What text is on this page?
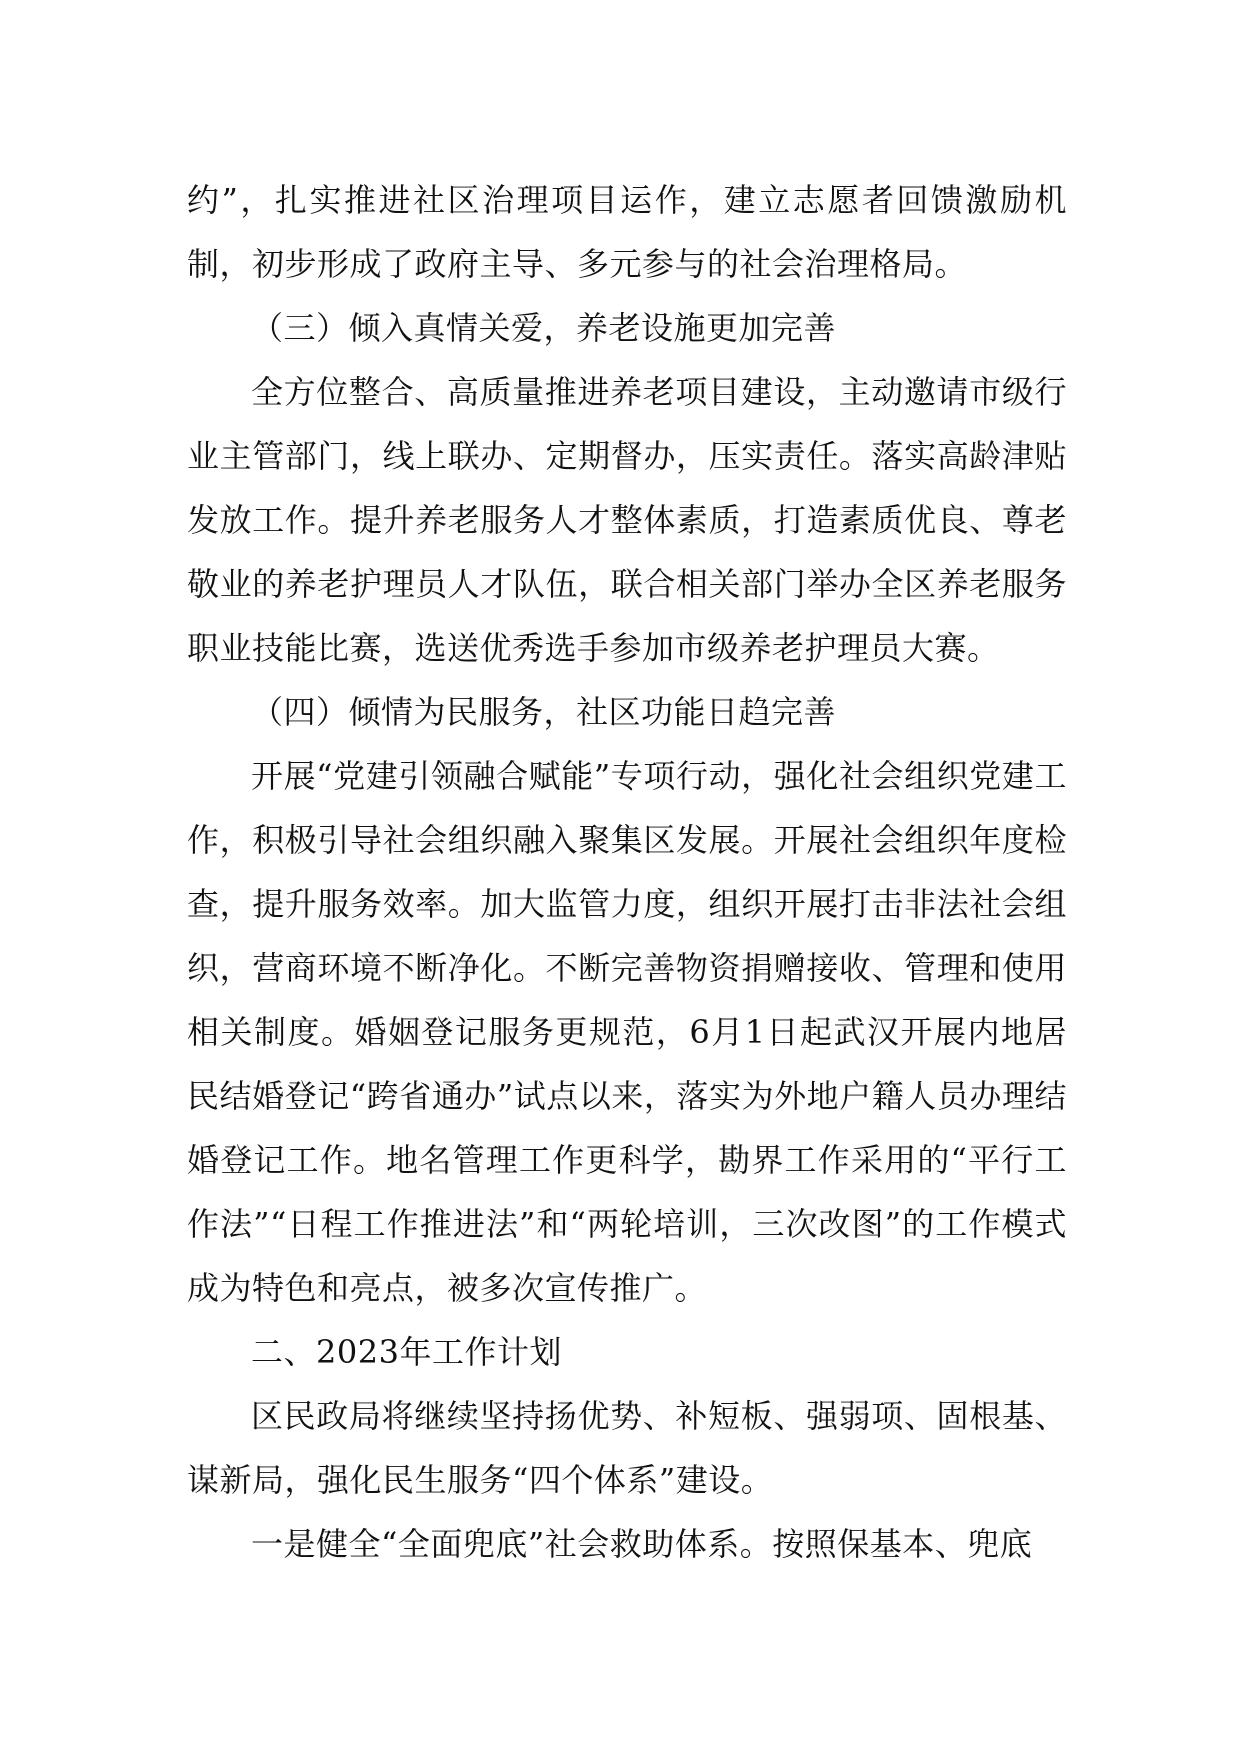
约”，扎实推进社区治理项目运作，建立志愿者回馈激励机制，初步形成了政府主导、多元参与的社会治理格局。

（三）倾入真情关爱，养老设施更加完善

全方位整合、高质量推进养老项目建设，主动邀请市级行业主管部门，线上联办、定期督办，压实责任。落实高龄津贴发放工作。提升养老服务人才整体素质，打造素质优良、尊老敬业的养老护理员人才队伍，联合相关部门举办全区养老服务职业技能比赛，选送优秀选手参加市级养老护理员大赛。

（四）倾情为民服务，社区功能日趋完善

开展“党建引领融合赋能”专项行动，强化社会组织党建工作，积极引导社会组织融入聚集区发展。开展社会组织年度检查，提升服务效率。加大监管力度，组织开展打击非法社会组织，营商环境不断净化。不断完善物资捐赠接收、管理和使用相关制度。婚姻登记服务更规范，6月1日起武汉开展内地居民结婚登记“跨省通办”试点以来，落实为外地户籍人员办理结婚登记工作。地名管理工作更科学，勘界工作采用的“平行工作法”“日程工作推进法”和“两轮培训，三次改图”的工作模式成为特色和亮点，被多次宣传推广。

二、2023年工作计划

区民政局将继续坚持扬优势、补短板、强弱项、固根基、谋新局，强化民生服务“四个体系”建设。

一是健全“全面兜底”社会救助体系。按照保基本、兜底
